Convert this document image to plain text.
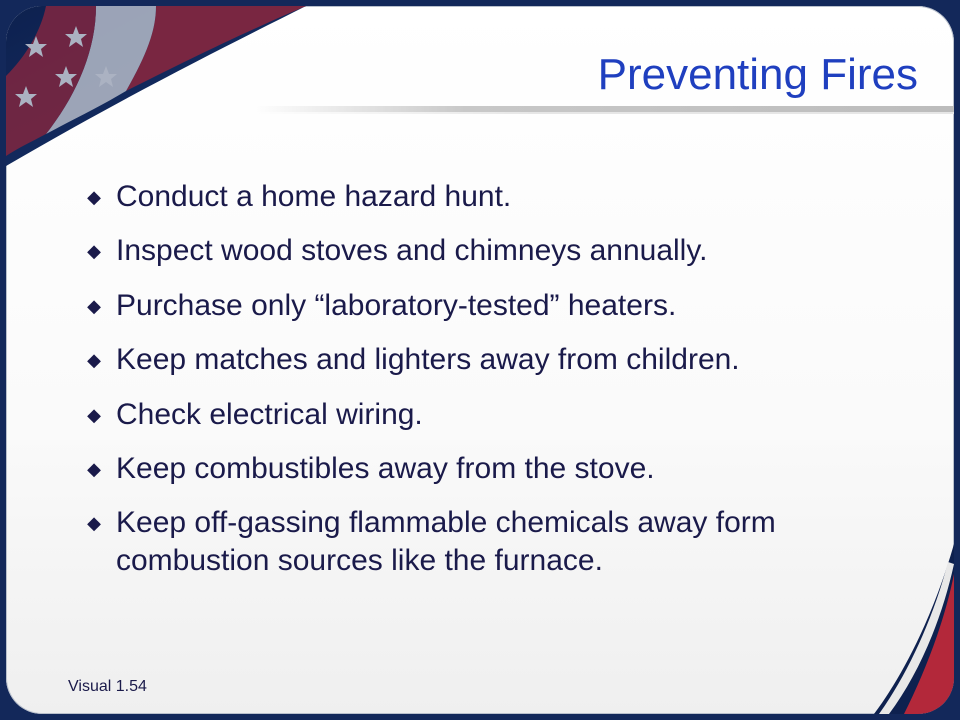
Preventing Fires
◆ Conduct a home hazard hunt.
◆ Inspect wood stoves and chimneys annually.
◆ Purchase only “laboratory-tested” heaters.
◆ Keep matches and lighters away from children.
◆ Check electrical wiring.
◆ Keep combustibles away from the stove.
◆ Keep off-gassing flammable chemicals away form combustion sources like the furnace.
Visual 1.54
